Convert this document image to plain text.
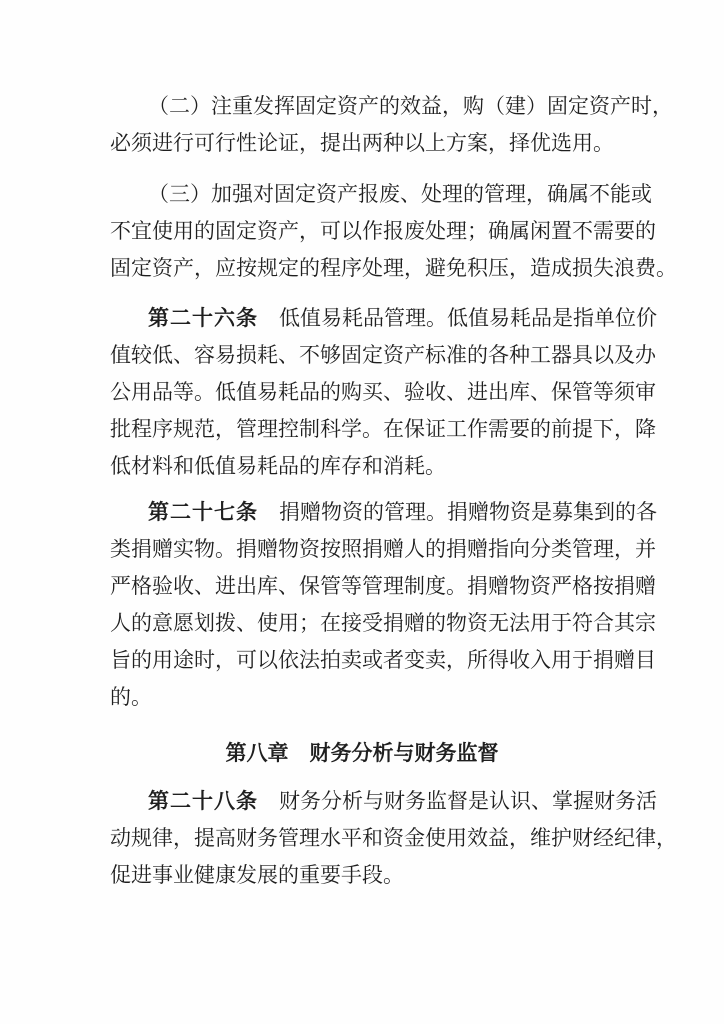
（二）注重发挥固定资产的效益，购（建）固定资产时，
必须进行可行性论证，提出两种以上方案，择优选用。
（三）加强对固定资产报废、处理的管理，确属不能或
不宜使用的固定资产，可以作报废处理；确属闲置不需要的
固定资产，应按规定的程序处理，避免积压，造成损失浪费。
第二十六条 低值易耗品管理。低值易耗品是指单位价
值较低、容易损耗、不够固定资产标准的各种工器具以及办
公用品等。低值易耗品的购买、验收、进出库、保管等须审
批程序规范，管理控制科学。在保证工作需要的前提下，降
低材料和低值易耗品的库存和消耗。
第二十七条 捐赠物资的管理。捐赠物资是募集到的各
类捐赠实物。捐赠物资按照捐赠人的捐赠指向分类管理，并
严格验收、进出库、保管等管理制度。捐赠物资严格按捐赠
人的意愿划拨、使用；在接受捐赠的物资无法用于符合其宗
旨的用途时，可以依法拍卖或者变卖，所得收入用于捐赠目
的。
第八章 财务分析与财务监督
第二十八条 财务分析与财务监督是认识、掌握财务活
动规律，提高财务管理水平和资金使用效益，维护财经纪律，
促进事业健康发展的重要手段。
